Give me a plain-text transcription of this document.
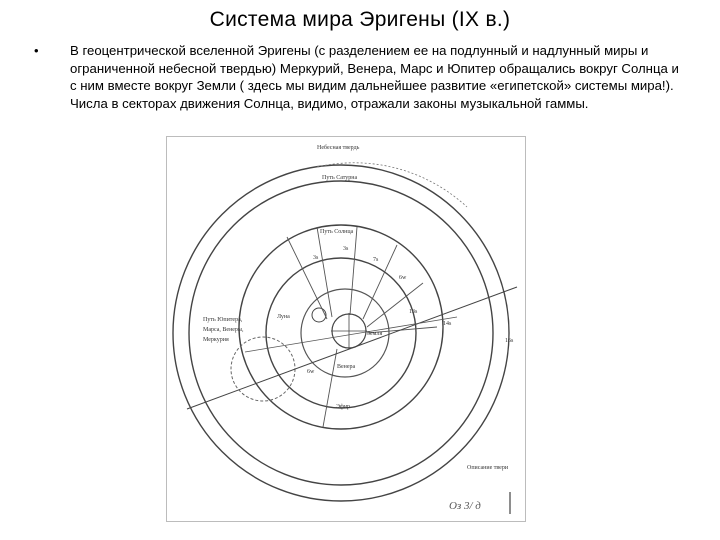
Система мира Эригены (IX в.)
• В геоцентрической вселенной Эригены (с разделением ее на подлунный и надлунный миры и ограниченной небесной твердью) Меркурий, Венера, Марс и Юпитер обращались вокруг Солнца и с ним вместе вокруг Земли ( здесь мы видим дальнейшее развитие «египетской» системы мира!). Числа в секторах движения Солнца, видимо, отражали законы музыкальной гаммы.
Небесная твердь
Путь Сатурна
Путь Солнца
Луна
Земля
Венера
Эфир
Путь Юпитера,
Марса, Венеры,
Меркурия
Описание твери
3s
3s
7s
6w
13s
14s
16s
6w
Оз 3/ д
